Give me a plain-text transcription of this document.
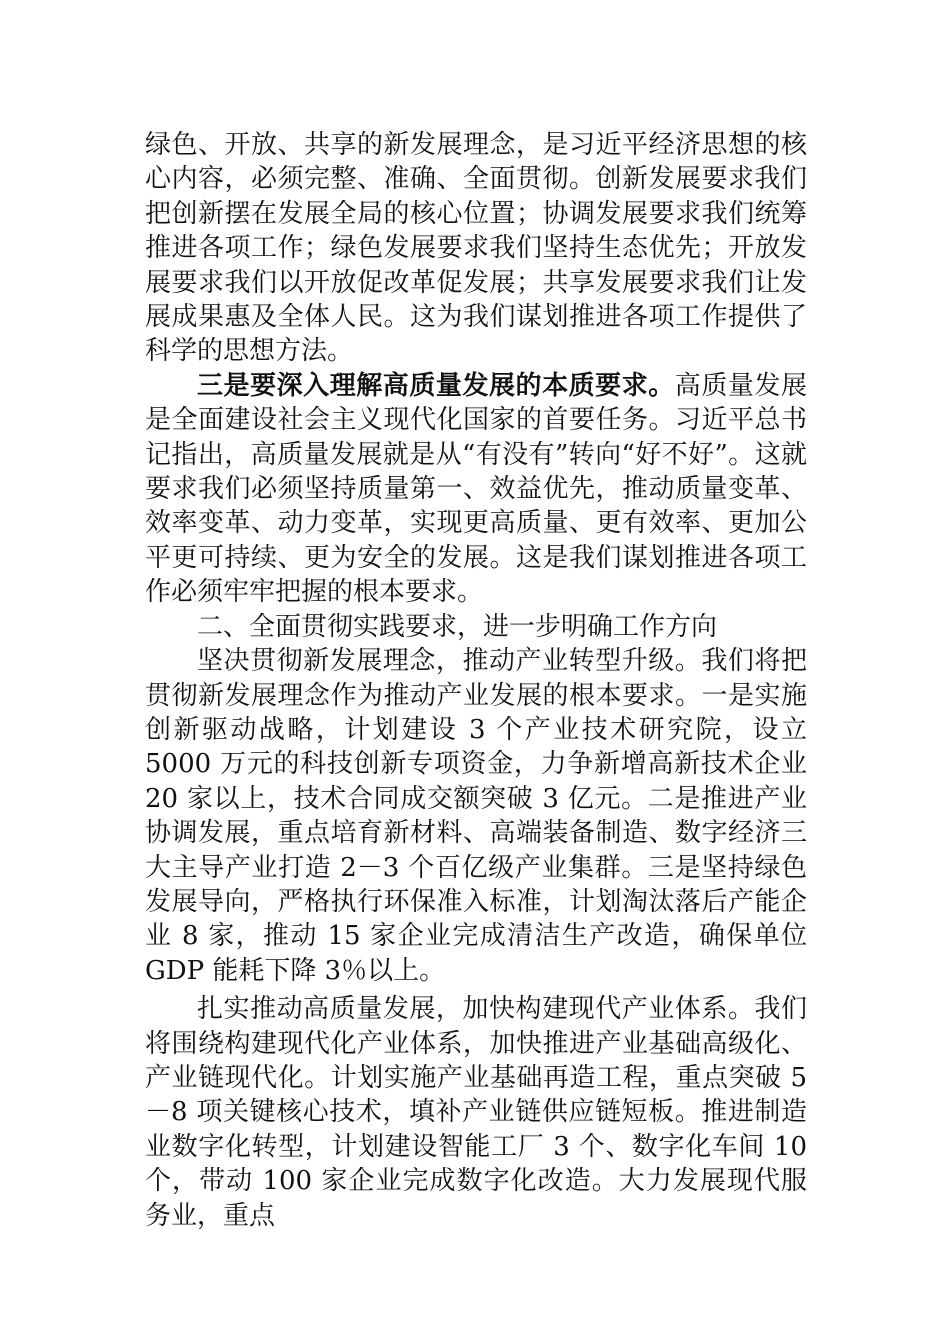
绿色、开放、共享的新发展理念，是习近平经济思想的核心内容，必须完整、准确、全面贯彻。创新发展要求我们把创新摆在发展全局的核心位置；协调发展要求我们统筹推进各项工作；绿色发展要求我们坚持生态优先；开放发展要求我们以开放促改革促发展；共享发展要求我们让发展成果惠及全体人民。这为我们谋划推进各项工作提供了科学的思想方法。

三是要深入理解高质量发展的本质要求。高质量发展是全面建设社会主义现代化国家的首要任务。习近平总书记指出，高质量发展就是从“有没有”转向“好不好”。这就要求我们必须坚持质量第一、效益优先，推动质量变革、效率变革、动力变革，实现更高质量、更有效率、更加公平更可持续、更为安全的发展。这是我们谋划推进各项工作必须牢牢把握的根本要求。

二、全面贯彻实践要求，进一步明确工作方向

坚决贯彻新发展理念，推动产业转型升级。我们将把贯彻新发展理念作为推动产业发展的根本要求。一是实施创新驱动战略，计划建设 3 个产业技术研究院，设立 5000 万元的科技创新专项资金，力争新增高新技术企业 20 家以上，技术合同成交额突破 3 亿元。二是推进产业协调发展，重点培育新材料、高端装备制造、数字经济三大主导产业打造 2－3 个百亿级产业集群。三是坚持绿色发展导向，严格执行环保准入标准，计划淘汰落后产能企业 8 家，推动 15 家企业完成清洁生产改造，确保单位 GDP 能耗下降 3％以上。

扎实推动高质量发展，加快构建现代产业体系。我们将围绕构建现代化产业体系，加快推进产业基础高级化、产业链现代化。计划实施产业基础再造工程，重点突破 5－8 项关键核心技术，填补产业链供应链短板。推进制造业数字化转型，计划建设智能工厂 3 个、数字化车间 10 个，带动 100 家企业完成数字化改造。大力发展现代服务业，重点
